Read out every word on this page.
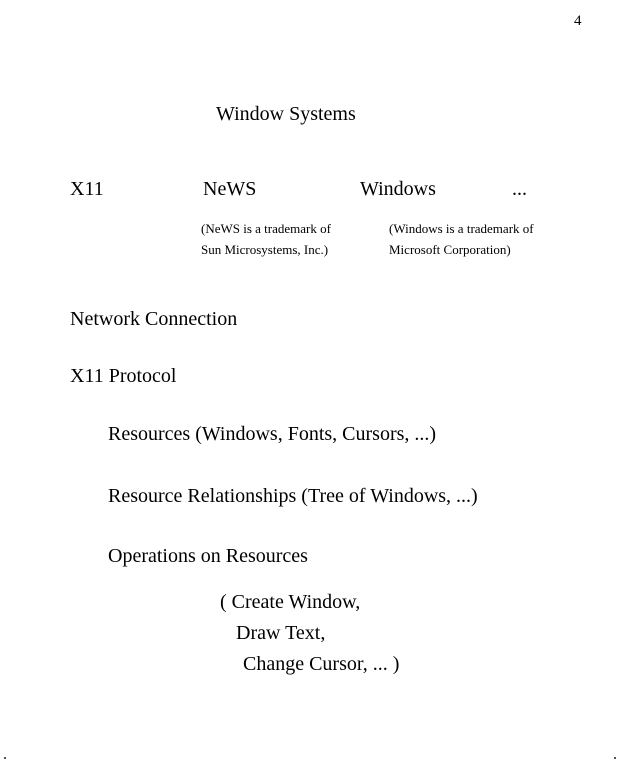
4
Window Systems
X11	NeWS	Windows	...
(NeWS is a trademark of
Sun Microsystems, Inc.)
(Windows is a trademark of
Microsoft Corporation)
Network Connection
X11 Protocol
Resources (Windows, Fonts, Cursors, ...)
Resource Relationships (Tree of Windows, ...)
Operations on Resources
( Create Window,
Draw Text,
Change Cursor, ... )
